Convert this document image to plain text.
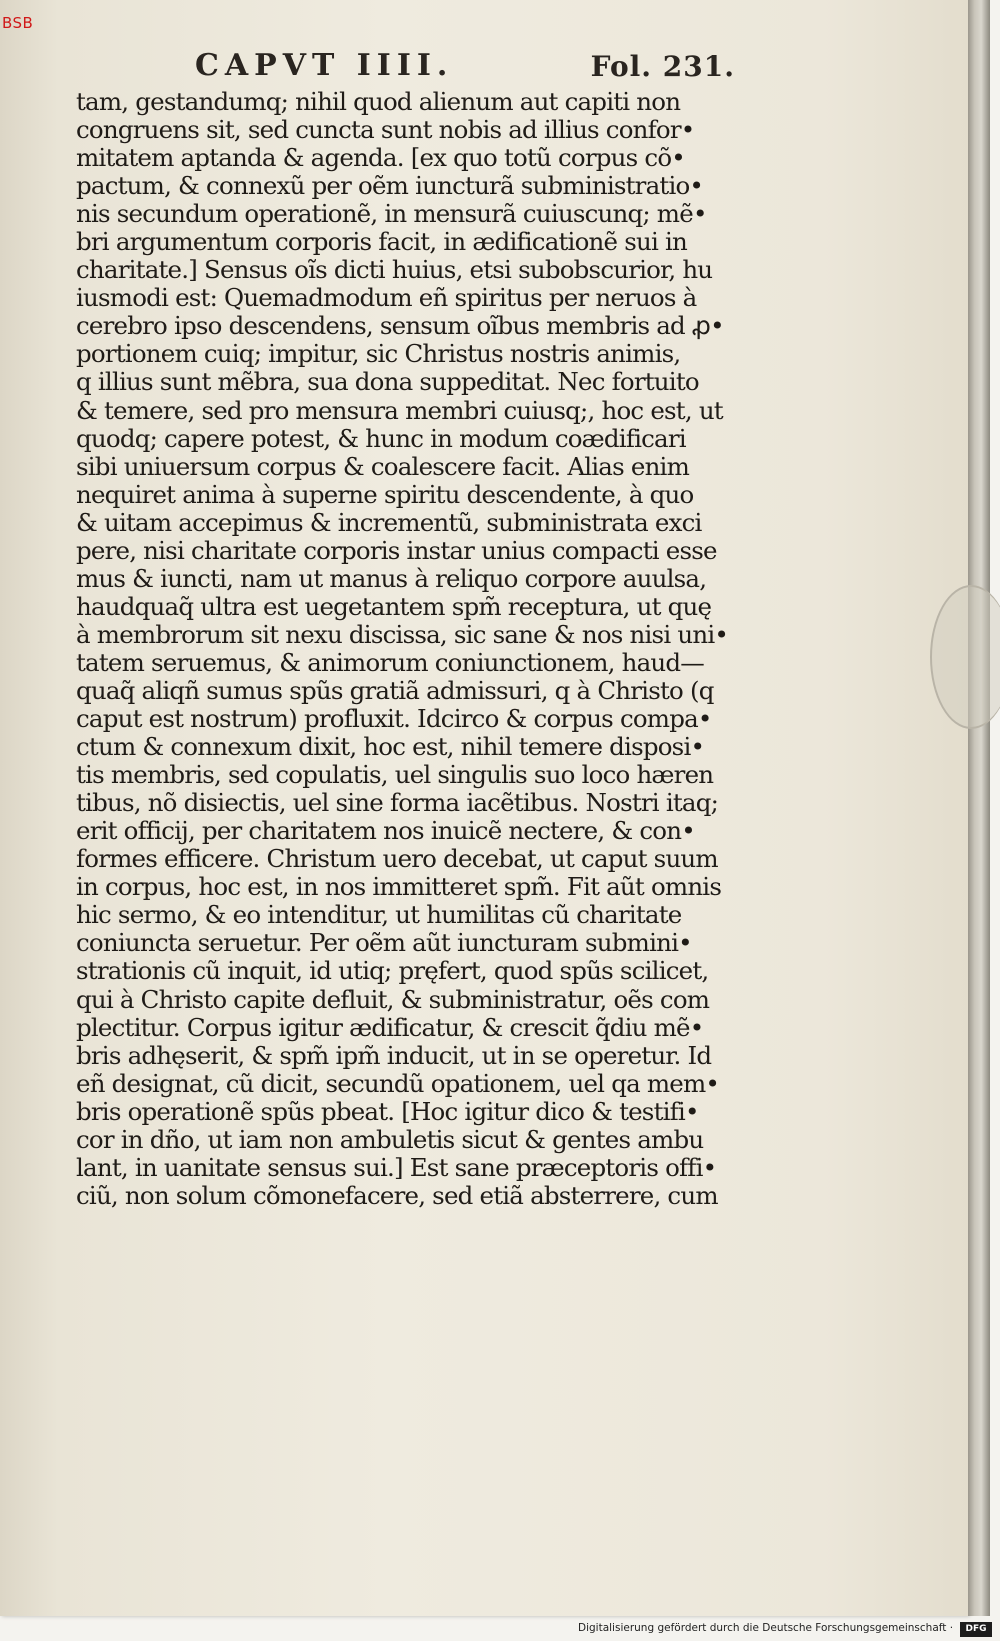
BSB
CAPVT IIII.	Fol. 231.
tam, gestandumq; nihil quod alienum aut capiti non
congruens sit, sed cuncta sunt nobis ad illius confor•
mitatem aptanda & agenda. [ex quo totũ corpus cõ•
pactum, & connexũ per oẽm iuncturã subministratio•
nis secundum operationẽ, in mensurã cuiuscunq; mẽ•
bri argumentum corporis facit, in ædificationẽ sui in
charitate.] Sensus oĩs dicti huius, etsi subobscurior, hu
iusmodi est: Quemadmodum eñ spiritus per neruos à
cerebro ipso descendens, sensum oĩbus membris ad ꝓ•
portionem cuiq; impitur, sic Christus nostris animis,
q illius sunt mẽbra, sua dona suppeditat. Nec fortuito
& temere, sed pro mensura membri cuiusq;, hoc est, ut
quodq; capere potest, & hunc in modum coædificari
sibi uniuersum corpus & coalescere facit. Alias enim
nequiret anima à superne spiritu descendente, à quo
& uitam accepimus & incrementũ, subministrata exci
pere, nisi charitate corporis instar unius compacti esse
mus & iuncti, nam ut manus à reliquo corpore auulsa,
haudquaq̃ ultra est uegetantem spm̃ receptura, ut quę
à membrorum sit nexu discissa, sic sane & nos nisi uni•
tatem seruemus, & animorum coniunctionem, haud—
quaq̃ aliqñ sumus spũs gratiã admissuri, q à Christo (q
caput est nostrum) profluxit. Idcirco & corpus compa•
ctum & connexum dixit, hoc est, nihil temere disposi•
tis membris, sed copulatis, uel singulis suo loco hæren
tibus, nõ disiectis, uel sine forma iacẽtibus. Nostri itaq;
erit officij, per charitatem nos inuicẽ nectere, & con•
formes efficere. Christum uero decebat, ut caput suum
in corpus, hoc est, in nos immitteret spm̃. Fit aũt omnis
hic sermo, & eo intenditur, ut humilitas cũ charitate
coniuncta seruetur. Per oẽm aũt iuncturam submini•
strationis cũ inquit, id utiq; pręfert, quod spũs scilicet,
qui à Christo capite defluit, & subministratur, oẽs com
plectitur. Corpus igitur ædificatur, & crescit q̃diu mẽ•
bris adhęserit, & spm̃ ipm̃ inducit, ut in se operetur. Id
eñ designat, cũ dicit, secundũ opationem, uel qa mem•
bris operationẽ spũs pbeat. [Hoc igitur dico & testifi•
cor in dño, ut iam non ambuletis sicut & gentes ambu
lant, in uanitate sensus sui.] Est sane præceptoris offi•
ciũ, non solum cõmonefacere, sed etiã absterrere, cum
Digitalisierung gefördert durch die Deutsche Forschungsgemeinschaft ·	DFG
